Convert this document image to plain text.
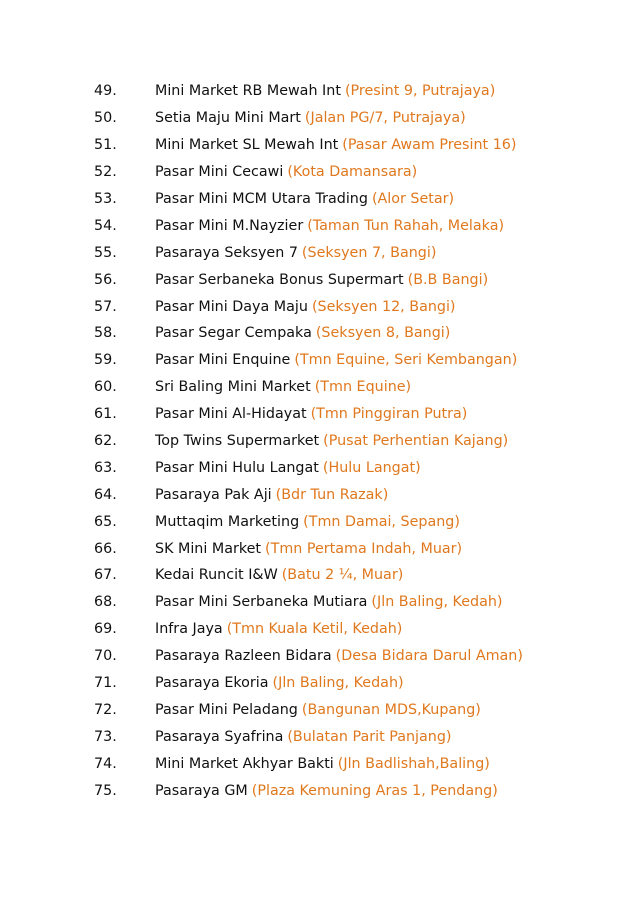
49.	Mini Market RB Mewah Int (Presint 9, Putrajaya)
50.	Setia Maju Mini Mart (Jalan PG/7, Putrajaya)
51.	Mini Market SL Mewah Int (Pasar Awam Presint 16)
52.	Pasar Mini Cecawi (Kota Damansara)
53.	Pasar Mini MCM Utara Trading (Alor Setar)
54.	Pasar Mini M.Nayzier (Taman Tun Rahah, Melaka)
55.	Pasaraya Seksyen 7 (Seksyen 7, Bangi)
56.	Pasar Serbaneka Bonus Supermart (B.B Bangi)
57.	Pasar Mini Daya Maju (Seksyen 12, Bangi)
58.	Pasar Segar Cempaka (Seksyen 8, Bangi)
59.	Pasar Mini Enquine (Tmn Equine, Seri Kembangan)
60.	Sri Baling Mini Market (Tmn Equine)
61.	Pasar Mini Al-Hidayat (Tmn Pinggiran Putra)
62.	Top Twins Supermarket (Pusat Perhentian Kajang)
63.	Pasar Mini Hulu Langat (Hulu Langat)
64.	Pasaraya Pak Aji (Bdr Tun Razak)
65.	Muttaqim Marketing (Tmn Damai, Sepang)
66.	SK Mini Market (Tmn Pertama Indah, Muar)
67.	Kedai Runcit I&W (Batu 2 ¼, Muar)
68.	Pasar Mini Serbaneka Mutiara (Jln Baling, Kedah)
69.	Infra Jaya (Tmn Kuala Ketil, Kedah)
70.	Pasaraya Razleen Bidara (Desa Bidara Darul Aman)
71.	Pasaraya Ekoria (Jln Baling, Kedah)
72.	Pasar Mini Peladang (Bangunan MDS,Kupang)
73.	Pasaraya Syafrina (Bulatan Parit Panjang)
74.	Mini Market Akhyar Bakti (Jln Badlishah,Baling)
75.	Pasaraya GM (Plaza Kemuning Aras 1, Pendang)
